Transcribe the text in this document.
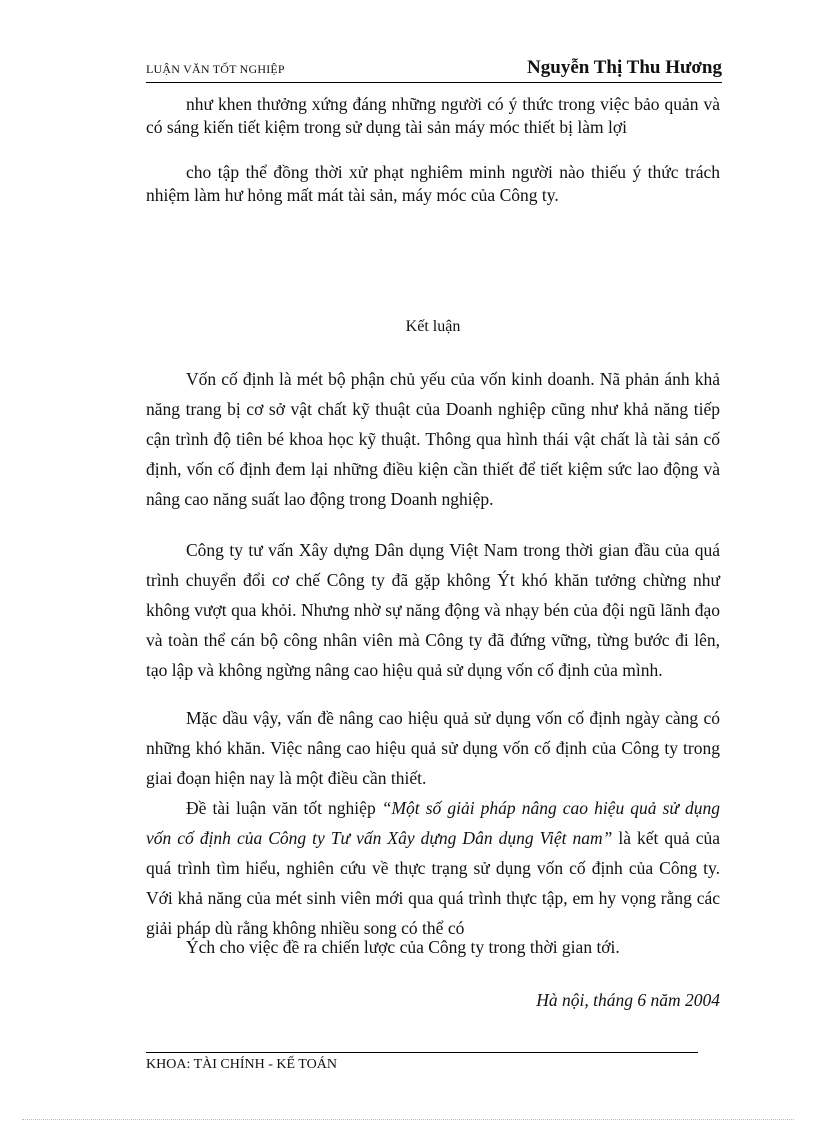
LUẬN VĂN TỐT NGHIỆP	Nguyễn Thị Thu Hương
như khen thưởng xứng đáng những người có ý thức trong việc bảo quản và có sáng kiến tiết kiệm trong sử dụng tài sản máy móc thiết bị làm lợi
cho tập thể đồng thời xử phạt nghiêm minh người nào thiếu ý thức trách nhiệm làm hư hỏng mất mát tài sản, máy móc của Công ty.
Kết luận
Vốn cố định là mét bộ phận chủ yếu của vốn kinh doanh. Nã phản ánh khả năng trang bị cơ sở vật chất kỹ thuật của Doanh nghiệp cũng như khả năng tiếp cận trình độ tiên bé khoa học kỹ thuật. Thông qua hình thái vật chất là tài sản cố định, vốn cố định đem lại những điều kiện cần thiết để tiết kiệm sức lao động và nâng cao năng suất lao động trong Doanh nghiệp.
Công ty tư vấn Xây dựng Dân dụng Việt Nam trong thời gian đầu của quá trình chuyển đổi cơ chế Công ty đã gặp không Ýt khó khăn tưởng chừng như không vượt qua khỏi. Nhưng nhờ sự năng động và nhạy bén của đội ngũ lãnh đạo và toàn thể cán bộ công nhân viên mà Công ty đã đứng vững, từng bước đi lên, tạo lập và không ngừng nâng cao hiệu quả sử dụng vốn cố định của mình.
Mặc dầu vậy, vấn đề nâng cao hiệu quả sử dụng vốn cố định ngày càng có những khó khăn. Việc nâng cao hiệu quả sử dụng vốn cố định của Công ty trong giai đoạn hiện nay là một điều cần thiết.
Đề tài luận văn tốt nghiệp “Một số giải pháp nâng cao hiệu quả sử dụng vốn cố định của Công ty Tư vấn Xây dựng Dân dụng Việt nam” là kết quả của quá trình tìm hiểu, nghiên cứu về thực trạng sử dụng vốn cố định của Công ty. Với khả năng của mét sinh viên mới qua quá trình thực tập, em hy vọng rằng các giải pháp dù rằng không nhiều song có thể có
Ých cho việc đề ra chiến lược của Công ty trong thời gian tới.
Hà nội, tháng 6 năm 2004
KHOA: TÀI CHÍNH - KẾ TOÁN
